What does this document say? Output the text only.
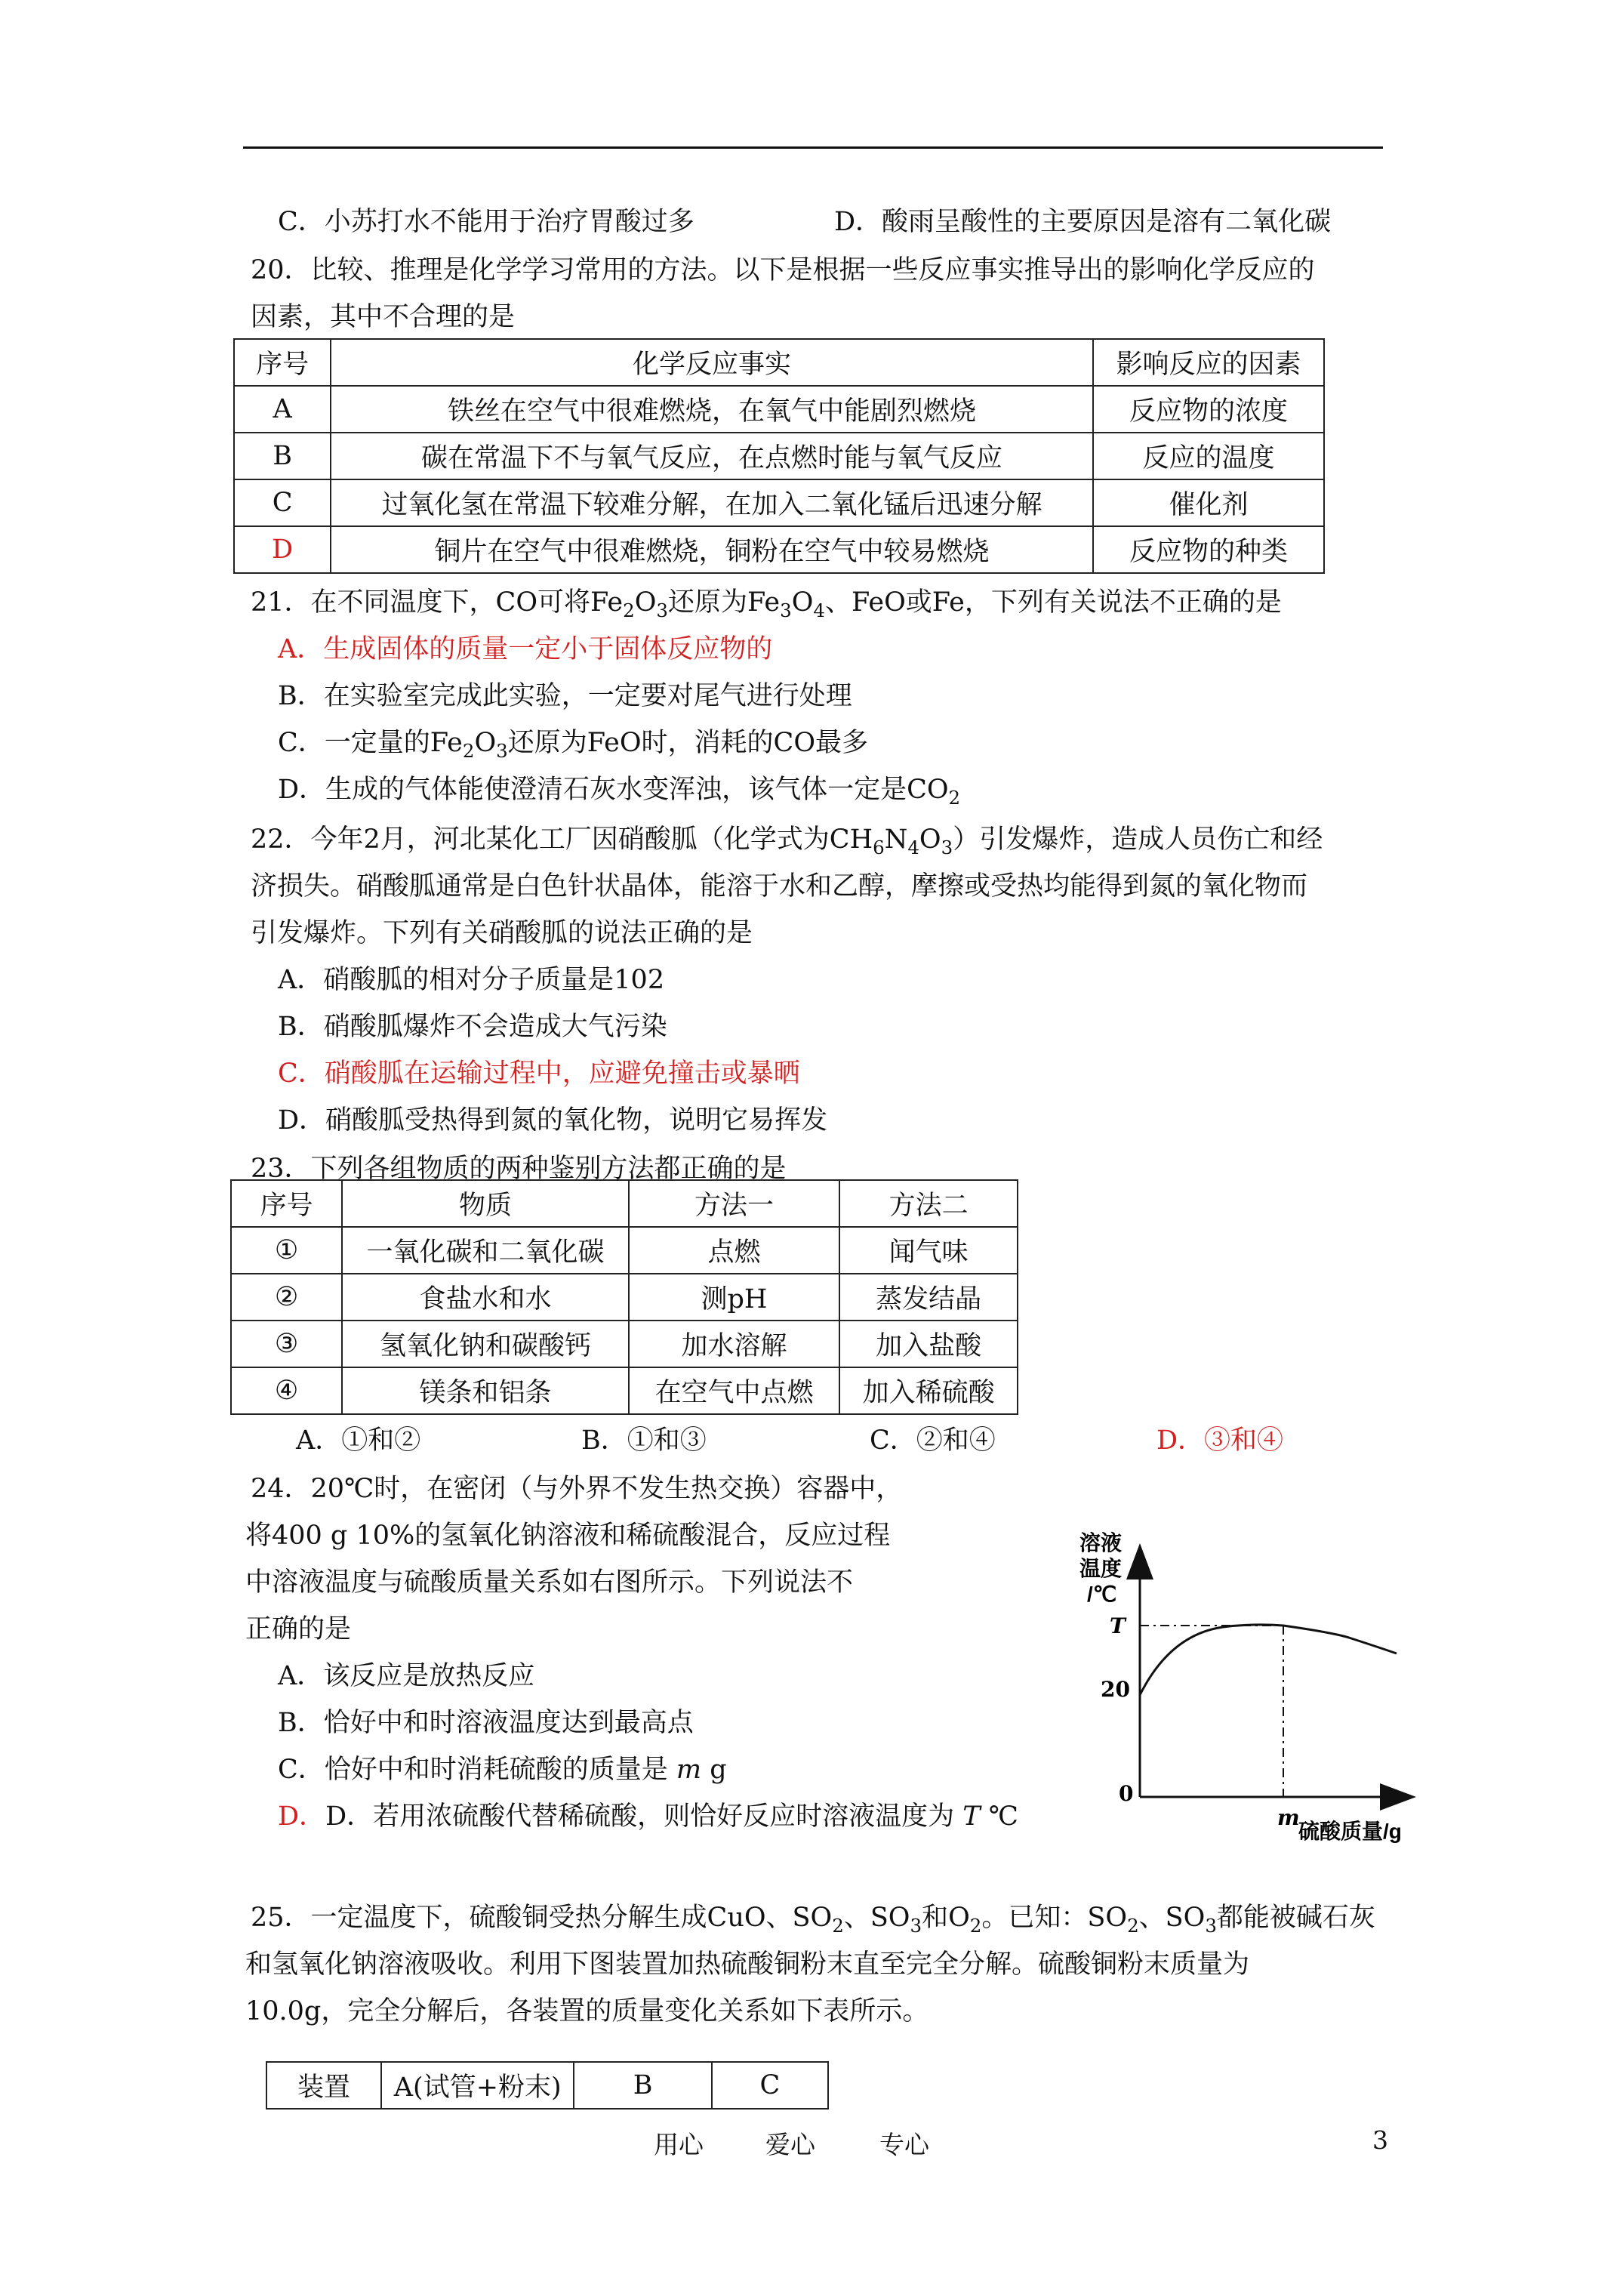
C．小苏打水不能用于治疗胃酸过多	D．酸雨呈酸性的主要原因是溶有二氧化碳
20．比较、推理是化学学习常用的方法。以下是根据一些反应事实推导出的影响化学反应的
因素，其中不合理的是
序号	化学反应事实	影响反应的因素
A	铁丝在空气中很难燃烧，在氧气中能剧烈燃烧	反应物的浓度
B	碳在常温下不与氧气反应，在点燃时能与氧气反应	反应的温度
C	过氧化氢在常温下较难分解，在加入二氧化锰后迅速分解	催化剂
D	铜片在空气中很难燃烧，铜粉在空气中较易燃烧	反应物的种类
21．在不同温度下，CO可将$Fe_2O_3$还原为$Fe_3O_4$、FeO或Fe，下列有关说法不正确的是
A．生成固体的质量一定小于固体反应物的
B．在实验室完成此实验，一定要对尾气进行处理
C．一定量的$Fe_2O_3$还原为FeO时，消耗的CO最多
D．生成的气体能使澄清石灰水变浑浊，该气体一定是$CO_2$
22．今年2月，河北某化工厂因硝酸胍（化学式为$CH_6N_4O_3$）引发爆炸，造成人员伤亡和经
济损失。硝酸胍通常是白色针状晶体，能溶于水和乙醇，摩擦或受热均能得到氮的氧化物而
引发爆炸。下列有关硝酸胍的说法正确的是
A．硝酸胍的相对分子质量是102
B．硝酸胍爆炸不会造成大气污染
C．硝酸胍在运输过程中，应避免撞击或暴晒
D．硝酸胍受热得到氮的氧化物，说明它易挥发
23．下列各组物质的两种鉴别方法都正确的是
序号	物质	方法一	方法二
①	一氧化碳和二氧化碳	点燃	闻气味
②	食盐水和水	测pH	蒸发结晶
③	氢氧化钠和碳酸钙	加水溶解	加入盐酸
④	镁条和铝条	在空气中点燃	加入稀硫酸
A．①和②	B．①和③	C．②和④	D．③和④
24．20℃时，在密闭（与外界不发生热交换）容器中，
将400 g 10%的氢氧化钠溶液和稀硫酸混合，反应过程
中溶液温度与硫酸质量关系如右图所示。下列说法不
正确的是
A．该反应是放热反应
B．恰好中和时溶液温度达到最高点
C．恰好中和时消耗硫酸的质量是 m g
D．D．若用浓硫酸代替稀硫酸，则恰好反应时溶液温度为 T ℃
溶液
温度
/℃
T
20
0
m
硫酸质量/g
25．一定温度下，硫酸铜受热分解生成CuO、$SO_2$、$SO_3$和$O_2$。已知：$SO_2$、$SO_3$都能被碱石灰
和氢氧化钠溶液吸收。利用下图装置加热硫酸铜粉末直至完全分解。硫酸铜粉末质量为
10.0g，完全分解后，各装置的质量变化关系如下表所示。
装置	A(试管+粉末)	B	C
用心 爱心	专心	3
